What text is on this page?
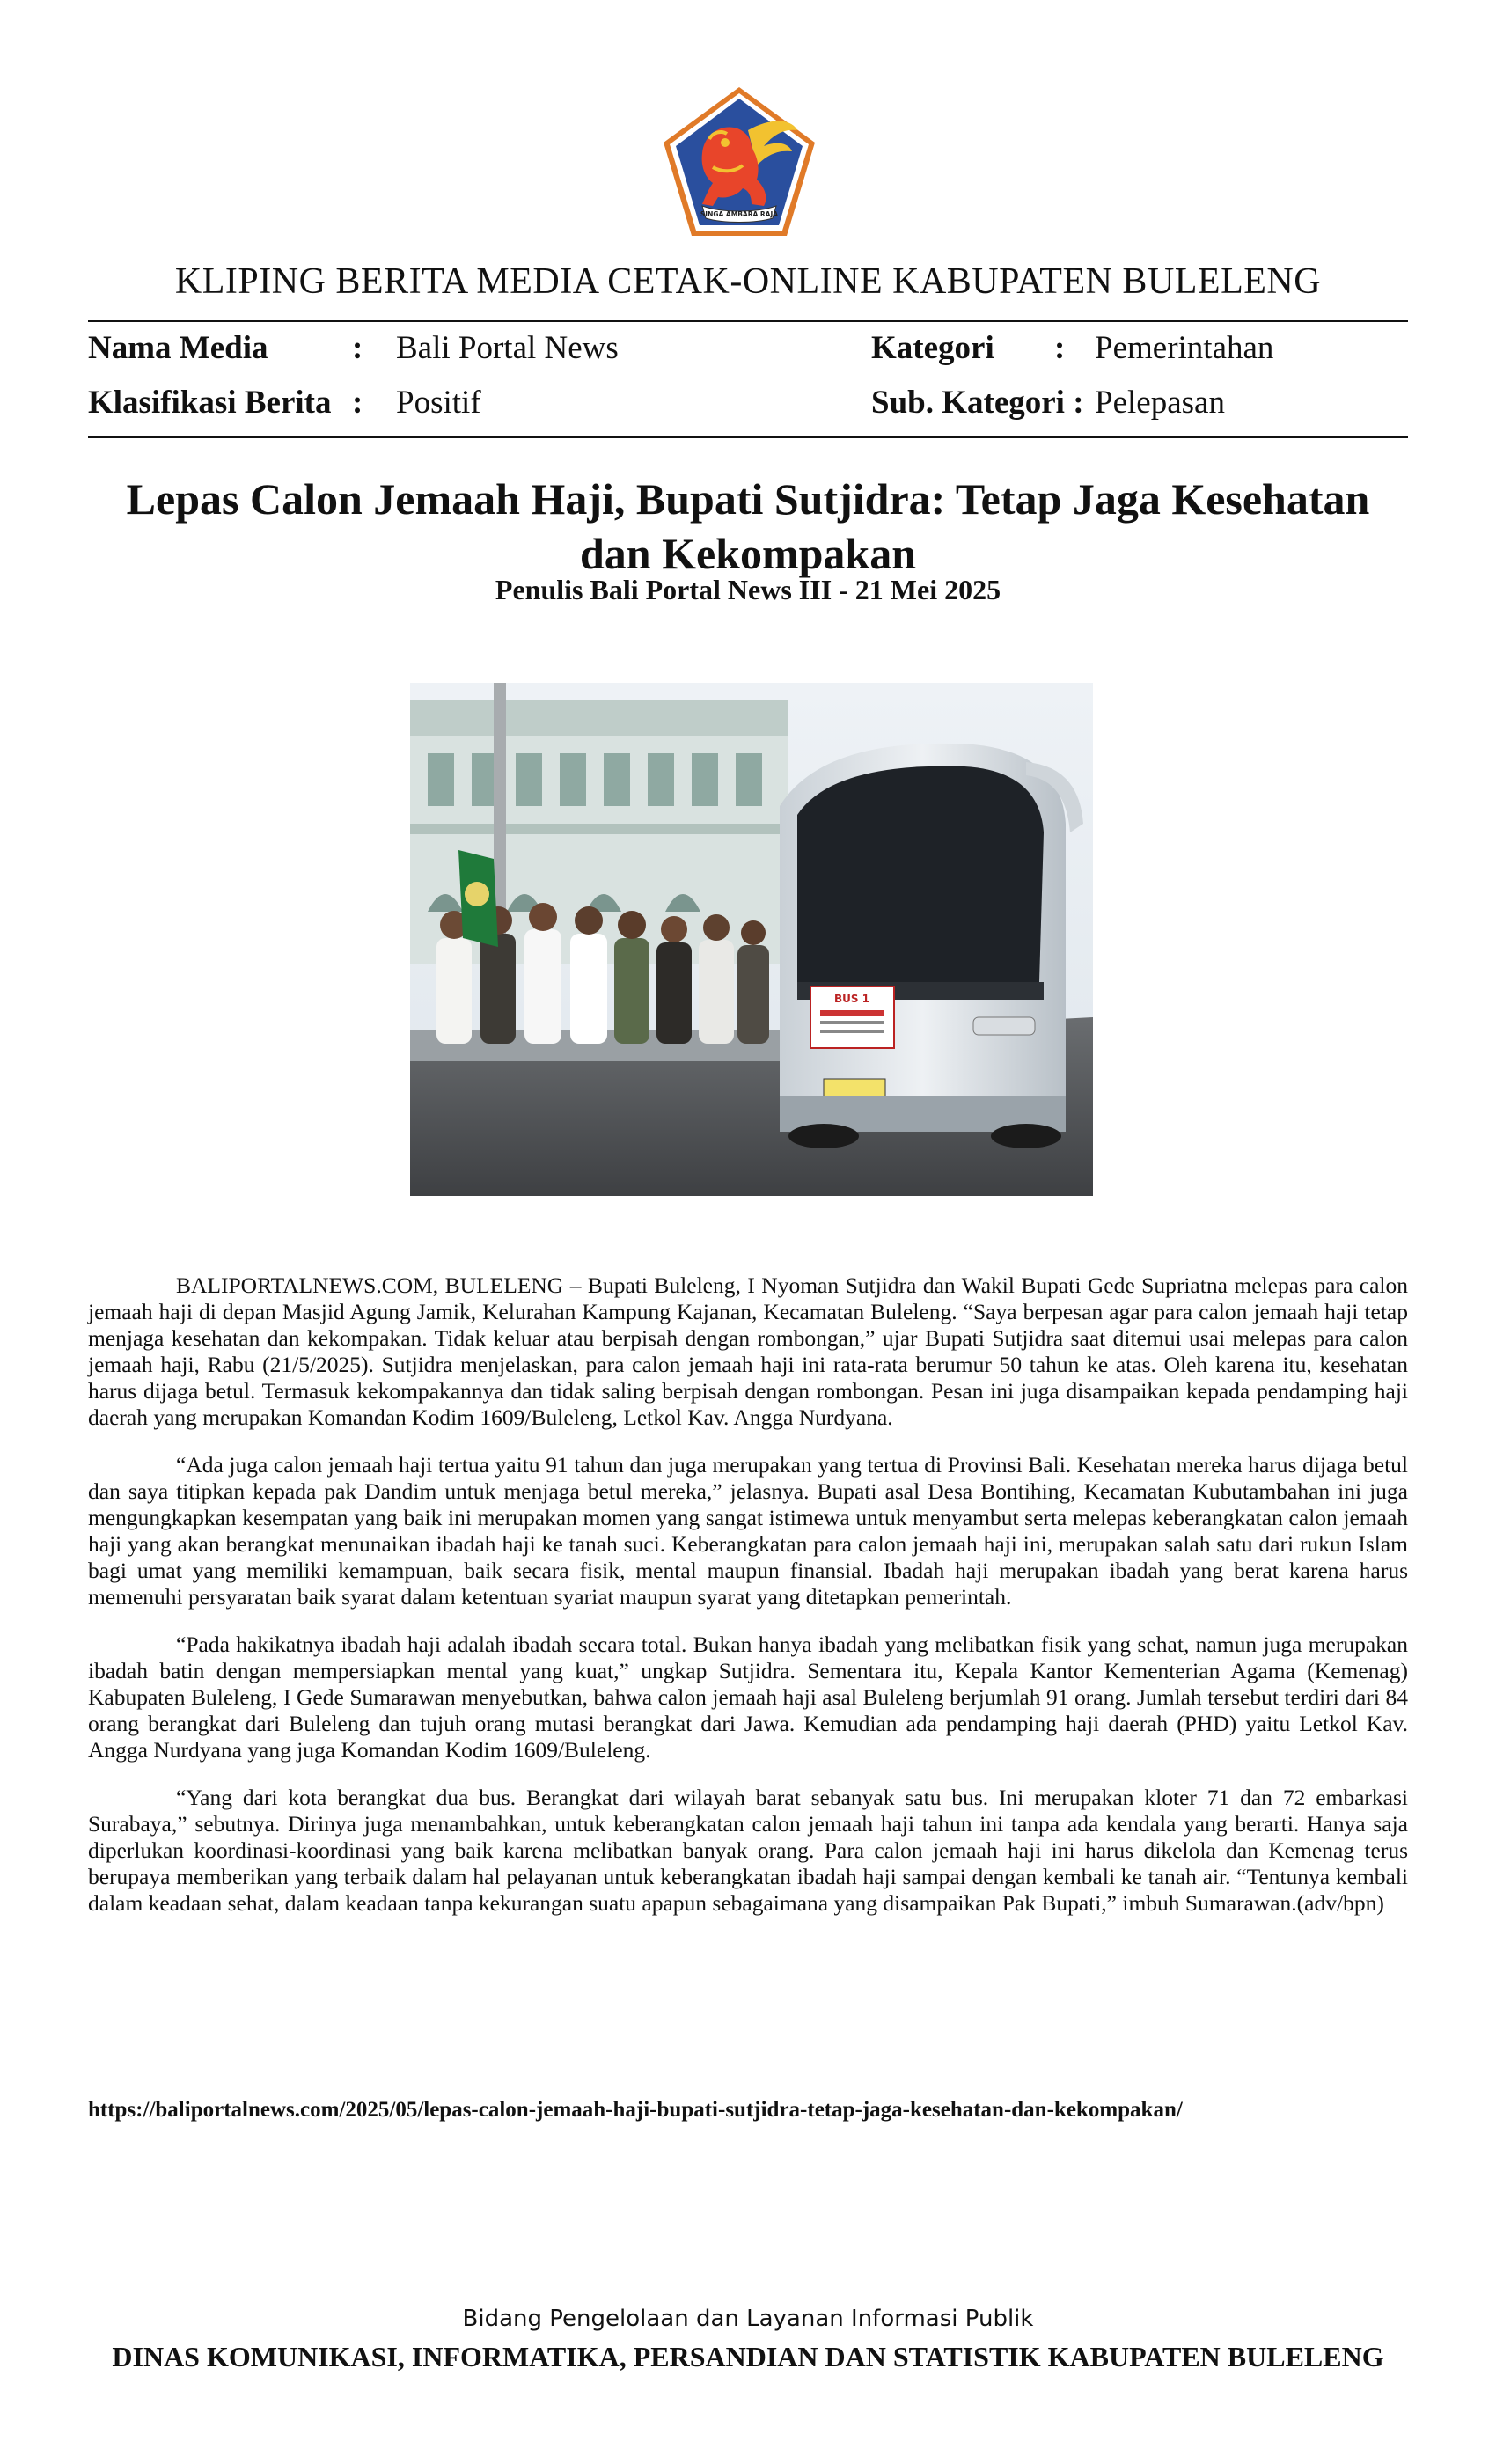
SINGA AMBARA RAJA
KLIPING BERITA MEDIA CETAK-ONLINE KABUPATEN BULELENG
Nama Media	: Bali Portal News	Kategori : Pemerintahan
Klasifikasi Berita : Positif	Sub. Kategori : Pelepasan
Lepas Calon Jemaah Haji, Bupati Sutjidra: Tetap Jaga Kesehatan dan Kekompakan
Penulis Bali Portal News III - 21 Mei 2025
BUS 1

BALIPORTALNEWS.COM, BULELENG – Bupati Buleleng, I Nyoman Sutjidra dan Wakil Bupati Gede Supriatna melepas para calon jemaah haji di depan Masjid Agung Jamik, Kelurahan Kampung Kajanan, Kecamatan Buleleng. “Saya berpesan agar para calon jemaah haji tetap menjaga kesehatan dan kekompakan. Tidak keluar atau berpisah dengan rombongan,” ujar Bupati Sutjidra saat ditemui usai melepas para calon jemaah haji, Rabu (21/5/2025). Sutjidra menjelaskan, para calon jemaah haji ini rata-rata berumur 50 tahun ke atas. Oleh karena itu, kesehatan harus dijaga betul. Termasuk kekompakannya dan tidak saling berpisah dengan rombongan. Pesan ini juga disampaikan kepada pendamping haji daerah yang merupakan Komandan Kodim 1609/Buleleng, Letkol Kav. Angga Nurdyana.

“Ada juga calon jemaah haji tertua yaitu 91 tahun dan juga merupakan yang tertua di Provinsi Bali. Kesehatan mereka harus dijaga betul dan saya titipkan kepada pak Dandim untuk menjaga betul mereka,” jelasnya. Bupati asal Desa Bontihing, Kecamatan Kubutambahan ini juga mengungkapkan kesempatan yang baik ini merupakan momen yang sangat istimewa untuk menyambut serta melepas keberangkatan calon jemaah haji yang akan berangkat menunaikan ibadah haji ke tanah suci. Keberangkatan para calon jemaah haji ini, merupakan salah satu dari rukun Islam bagi umat yang memiliki kemampuan, baik secara fisik, mental maupun finansial. Ibadah haji merupakan ibadah yang berat karena harus memenuhi persyaratan baik syarat dalam ketentuan syariat maupun syarat yang ditetapkan pemerintah.

“Pada hakikatnya ibadah haji adalah ibadah secara total. Bukan hanya ibadah yang melibatkan fisik yang sehat, namun juga merupakan ibadah batin dengan mempersiapkan mental yang kuat,” ungkap Sutjidra. Sementara itu, Kepala Kantor Kementerian Agama (Kemenag) Kabupaten Buleleng, I Gede Sumarawan menyebutkan, bahwa calon jemaah haji asal Buleleng berjumlah 91 orang. Jumlah tersebut terdiri dari 84 orang berangkat dari Buleleng dan tujuh orang mutasi berangkat dari Jawa. Kemudian ada pendamping haji daerah (PHD) yaitu Letkol Kav. Angga Nurdyana yang juga Komandan Kodim 1609/Buleleng.

“Yang dari kota berangkat dua bus. Berangkat dari wilayah barat sebanyak satu bus. Ini merupakan kloter 71 dan 72 embarkasi Surabaya,” sebutnya. Dirinya juga menambahkan, untuk keberangkatan calon jemaah haji tahun ini tanpa ada kendala yang berarti. Hanya saja diperlukan koordinasi-koordinasi yang baik karena melibatkan banyak orang. Para calon jemaah haji ini harus dikelola dan Kemenag terus berupaya memberikan yang terbaik dalam hal pelayanan untuk keberangkatan ibadah haji sampai dengan kembali ke tanah air. “Tentunya kembali dalam keadaan sehat, dalam keadaan tanpa kekurangan suatu apapun sebagaimana yang disampaikan Pak Bupati,” imbuh Sumarawan.(adv/bpn)

https://baliportalnews.com/2025/05/lepas-calon-jemaah-haji-bupati-sutjidra-tetap-jaga-kesehatan-dan-kekompakan/
Bidang Pengelolaan dan Layanan Informasi Publik
DINAS KOMUNIKASI, INFORMATIKA, PERSANDIAN DAN STATISTIK KABUPATEN BULELENG
